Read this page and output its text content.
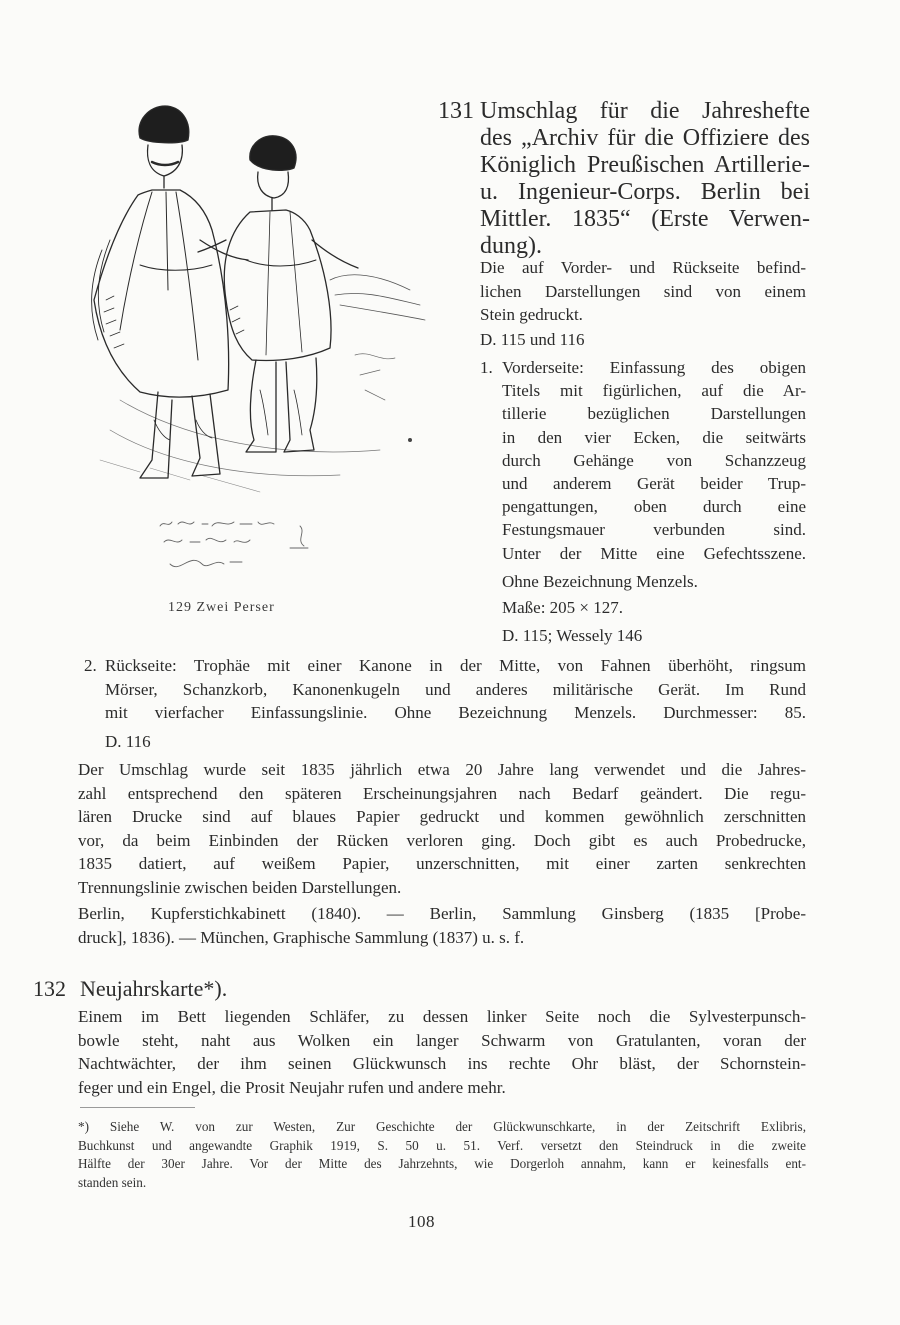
129 Zwei Perser
131 Umschlag für die Jahreshefte
des „Archiv für die Offiziere des
Königlich Preußischen Artillerie-
u. Ingenieur-Corps. Berlin bei
Mittler. 1835“ (Erste Verwen-
dung).
Die auf Vorder- und Rückseite befind-
lichen Darstellungen sind von einem
Stein gedruckt.
D. 115 und 116
1. Vorderseite: Einfassung des obigen
Titels mit figürlichen, auf die Ar-
tillerie bezüglichen Darstellungen
in den vier Ecken, die seitwärts
durch Gehänge von Schanzzeug
und anderem Gerät beider Trup-
pengattungen, oben durch eine
Festungsmauer verbunden sind.
Unter der Mitte eine Gefechtsszene.
Ohne Bezeichnung Menzels.
Maße: 205 × 127.
D. 115; Wessely 146
2. Rückseite: Trophäe mit einer Kanone in der Mitte, von Fahnen überhöht, ringsum
Mörser, Schanzkorb, Kanonenkugeln und anderes militärische Gerät. Im Rund
mit vierfacher Einfassungslinie. Ohne Bezeichnung Menzels. Durchmesser: 85.
D. 116
Der Umschlag wurde seit 1835 jährlich etwa 20 Jahre lang verwendet und die Jahres-
zahl entsprechend den späteren Erscheinungsjahren nach Bedarf geändert. Die regu-
lären Drucke sind auf blaues Papier gedruckt und kommen gewöhnlich zerschnitten
vor, da beim Einbinden der Rücken verloren ging. Doch gibt es auch Probedrucke,
1835 datiert, auf weißem Papier, unzerschnitten, mit einer zarten senkrechten
Trennungslinie zwischen beiden Darstellungen.
Berlin, Kupferstichkabinett (1840). — Berlin, Sammlung Ginsberg (1835 [Probe-
druck], 1836). — München, Graphische Sammlung (1837) u. s. f.
132 Neujahrskarte*).
Einem im Bett liegenden Schläfer, zu dessen linker Seite noch die Sylvesterpunsch-
bowle steht, naht aus Wolken ein langer Schwarm von Gratulanten, voran der
Nachtwächter, der ihm seinen Glückwunsch ins rechte Ohr bläst, der Schornstein-
feger und ein Engel, die Prosit Neujahr rufen und andere mehr.
*) Siehe W. von zur Westen, Zur Geschichte der Glückwunschkarte, in der Zeitschrift Exlibris,
Buchkunst und angewandte Graphik 1919, S. 50 u. 51. Verf. versetzt den Steindruck in die zweite
Hälfte der 30er Jahre. Vor der Mitte des Jahrzehnts, wie Dorgerloh annahm, kann er keinesfalls ent-
standen sein.
108
